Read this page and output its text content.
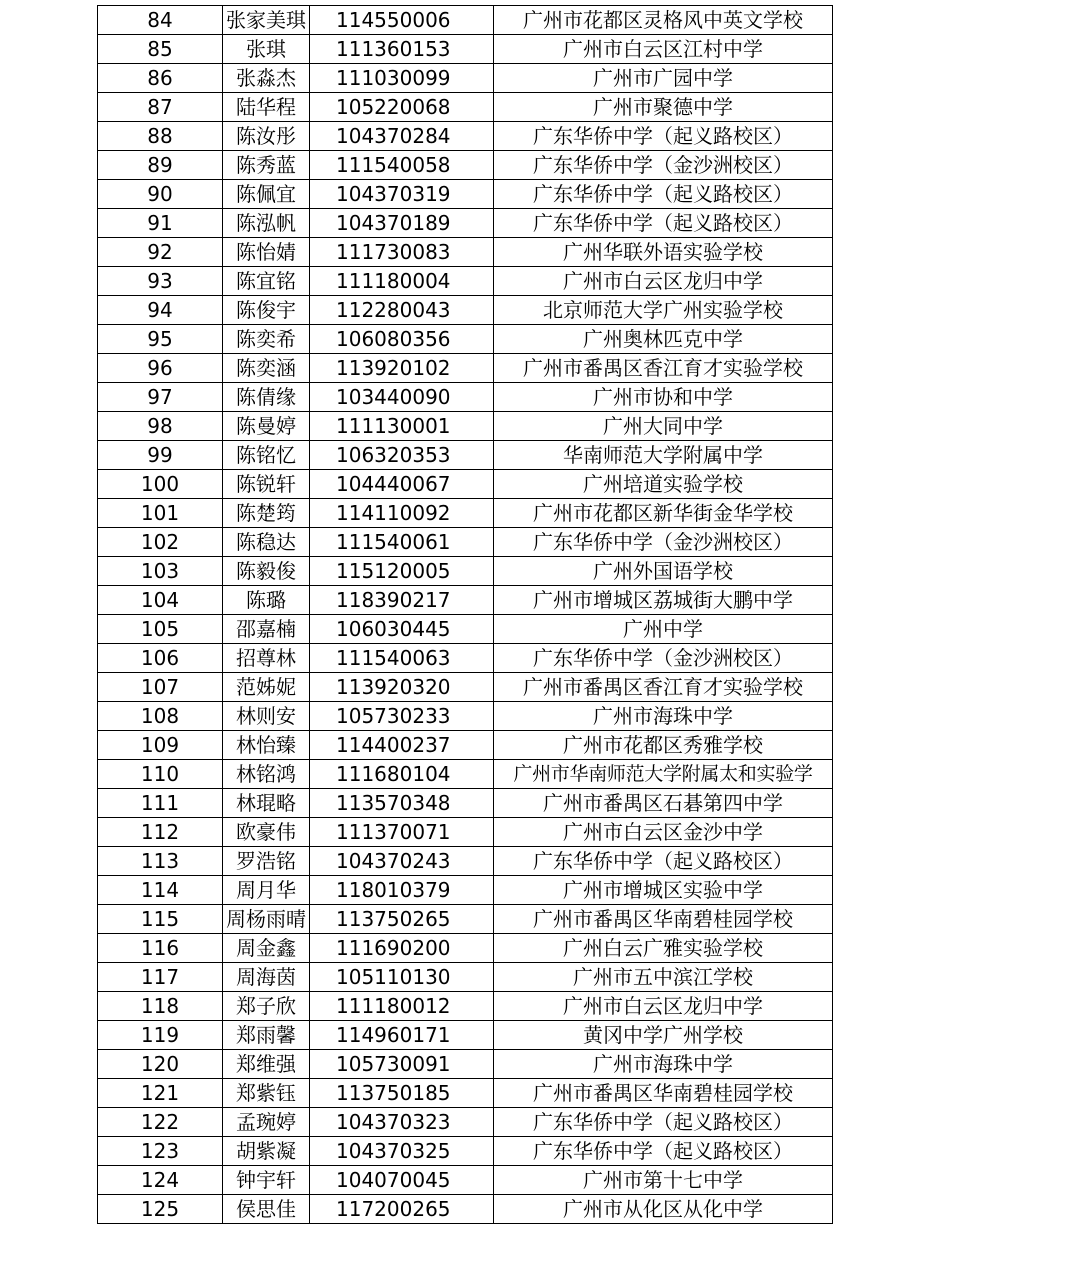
84	张家美琪	114550006	广州市花都区灵格风中英文学校
85	张琪	111360153	广州市白云区江村中学
86	张淼杰	111030099	广州市广园中学
87	陆华程	105220068	广州市聚德中学
88	陈汝彤	104370284	广东华侨中学（起义路校区）
89	陈秀蓝	111540058	广东华侨中学（金沙洲校区）
90	陈佩宜	104370319	广东华侨中学（起义路校区）
91	陈泓帆	104370189	广东华侨中学（起义路校区）
92	陈怡婧	111730083	广州华联外语实验学校
93	陈宜铭	111180004	广州市白云区龙归中学
94	陈俊宇	112280043	北京师范大学广州实验学校
95	陈奕希	106080356	广州奥林匹克中学
96	陈奕涵	113920102	广州市番禺区香江育才实验学校
97	陈倩缘	103440090	广州市协和中学
98	陈曼婷	111130001	广州大同中学
99	陈铭忆	106320353	华南师范大学附属中学
100	陈锐轩	104440067	广州培道实验学校
101	陈楚筠	114110092	广州市花都区新华街金华学校
102	陈稳达	111540061	广东华侨中学（金沙洲校区）
103	陈毅俊	115120005	广州外国语学校
104	陈璐	118390217	广州市增城区荔城街大鹏中学
105	邵嘉楠	106030445	广州中学
106	招尊林	111540063	广东华侨中学（金沙洲校区）
107	范姊妮	113920320	广州市番禺区香江育才实验学校
108	林则安	105730233	广州市海珠中学
109	林怡臻	114400237	广州市花都区秀雅学校
110	林铭鸿	111680104	广州市华南师范大学附属太和实验学
111	林琨略	113570348	广州市番禺区石碁第四中学
112	欧豪伟	111370071	广州市白云区金沙中学
113	罗浩铭	104370243	广东华侨中学（起义路校区）
114	周月华	118010379	广州市增城区实验中学
115	周杨雨晴	113750265	广州市番禺区华南碧桂园学校
116	周金鑫	111690200	广州白云广雅实验学校
117	周海茵	105110130	广州市五中滨江学校
118	郑子欣	111180012	广州市白云区龙归中学
119	郑雨馨	114960171	黄冈中学广州学校
120	郑维强	105730091	广州市海珠中学
121	郑紫钰	113750185	广州市番禺区华南碧桂园学校
122	孟琬婷	104370323	广东华侨中学（起义路校区）
123	胡紫凝	104370325	广东华侨中学（起义路校区）
124	钟宇轩	104070045	广州市第十七中学
125	侯思佳	117200265	广州市从化区从化中学
